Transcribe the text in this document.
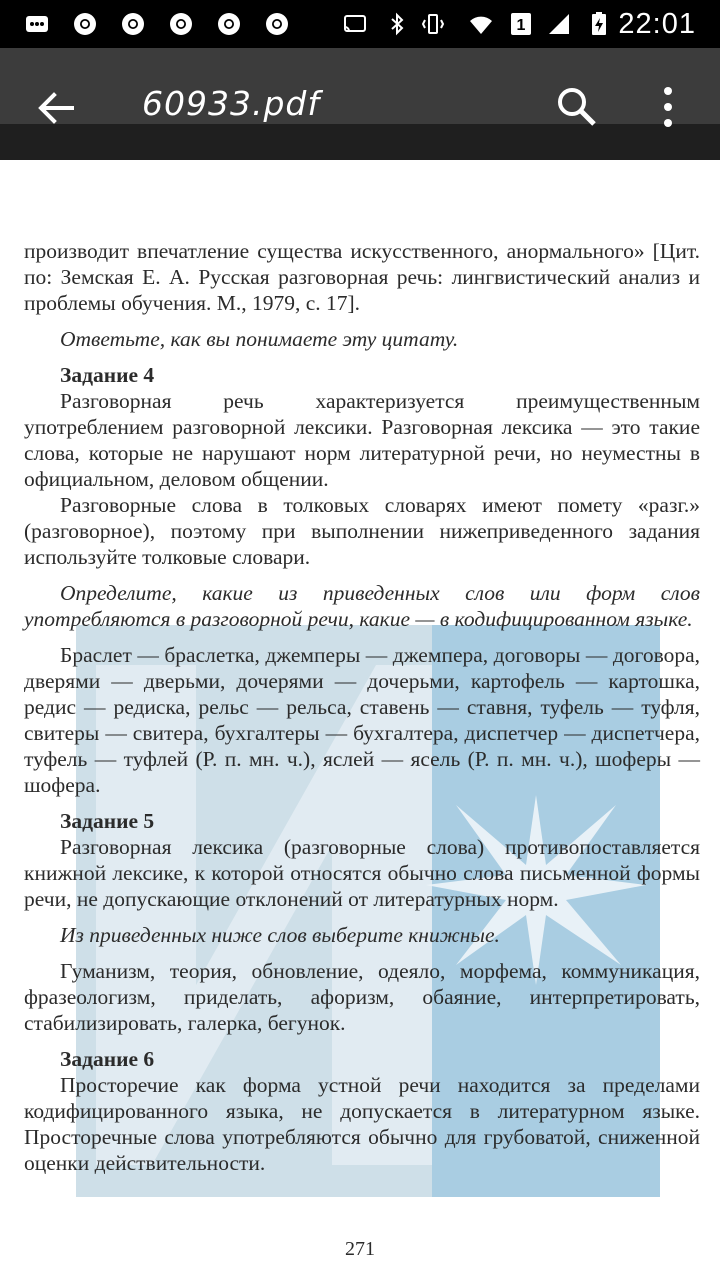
1	22:01
60933.pdf

производит впечатление существа искусственного, анормального» [Цит. по: Земская Е. А. Русская разговорная речь: лингвистический анализ и проблемы обучения. М., 1979, с. 17].

Ответьте, как вы понимаете эту цитату.

Задание 4

Разговорная речь характеризуется преимущественным употреблением разговорной лексики. Разговорная лексика — это такие слова, которые не нарушают норм литературной речи, но неуместны в официальном, деловом общении.

Разговорные слова в толковых словарях имеют помету «разг.» (разговорное), поэтому при выполнении нижеприведенного задания используйте толковые словари.

Определите, какие из приведенных слов или форм слов употребляются в разговорной речи, какие — в кодифицированном языке.

Браслет — браслетка, джемперы — джемпера, договоры — договора, дверями — дверьми, дочерями — дочерьми, картофель — картошка, редис — редиска, рельс — рельса, ставень — ставня, туфель — туфля, свитеры — свитера, бухгалтеры — бухгалтера, диспетчер — диспетчера, туфель — туфлей (Р. п. мн. ч.), яслей — ясель (Р. п. мн. ч.), шоферы — шофера.

Задание 5

Разговорная лексика (разговорные слова) противопоставляется книжной лексике, к которой относятся обычно слова письменной формы речи, не допускающие отклонений от литературных норм.

Из приведенных ниже слов выберите книжные.

Гуманизм, теория, обновление, одеяло, морфема, коммуникация, фразеологизм, приделать, афоризм, обаяние, интерпретировать, стабилизировать, галерка, бегунок.

Задание 6

Просторечие как форма устной речи находится за пределами кодифицированного языка, не допускается в литературном языке. Просторечные слова употребляются обычно для грубоватой, сниженной оценки действительности.

271
